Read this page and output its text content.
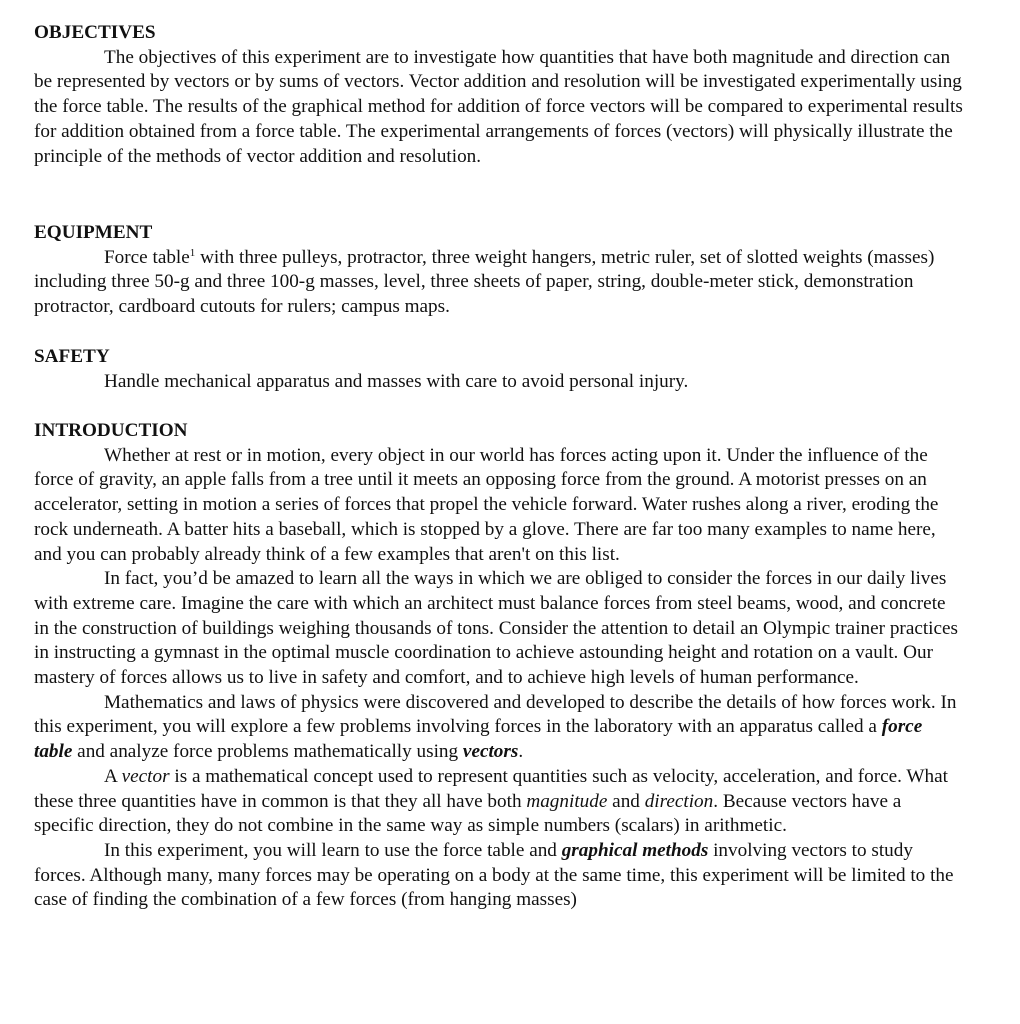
OBJECTIVES

The objectives of this experiment are to investigate how quantities that have both magnitude and direction can be represented by vectors or by sums of vectors. Vector addition and resolution will be investigated experimentally using the force table. The results of the graphical method for addition of force vectors will be compared to experimental results for addition obtained from a force table. The experimental arrangements of forces (vectors) will physically illustrate the principle of the methods of vector addition and resolution.

EQUIPMENT

Force table$^1$ with three pulleys, protractor, three weight hangers, metric ruler, set of slotted weights (masses) including three 50-g and three 100-g masses, level, three sheets of paper, string, double-meter stick, demonstration protractor, cardboard cutouts for rulers; campus maps.

SAFETY

Handle mechanical apparatus and masses with care to avoid personal injury.

INTRODUCTION

Whether at rest or in motion, every object in our world has forces acting upon it. Under the influence of the force of gravity, an apple falls from a tree until it meets an opposing force from the ground. A motorist presses on an accelerator, setting in motion a series of forces that propel the vehicle forward. Water rushes along a river, eroding the rock underneath. A batter hits a baseball, which is stopped by a glove. There are far too many examples to name here, and you can probably already think of a few examples that aren't on this list.

In fact, you’d be amazed to learn all the ways in which we are obliged to consider the forces in our daily lives with extreme care. Imagine the care with which an architect must balance forces from steel beams, wood, and concrete in the construction of buildings weighing thousands of tons. Consider the attention to detail an Olympic trainer practices in instructing a gymnast in the optimal muscle coordination to achieve astounding height and rotation on a vault. Our mastery of forces allows us to live in safety and comfort, and to achieve high levels of human performance.

Mathematics and laws of physics were discovered and developed to describe the details of how forces work. In this experiment, you will explore a few problems involving forces in the laboratory with an apparatus called a force table and analyze force problems mathematically using vectors.

A vector is a mathematical concept used to represent quantities such as velocity, acceleration, and force. What these three quantities have in common is that they all have both magnitude and direction. Because vectors have a specific direction, they do not combine in the same way as simple numbers (scalars) in arithmetic.

In this experiment, you will learn to use the force table and graphical methods involving vectors to study forces. Although many, many forces may be operating on a body at the same time, this experiment will be limited to the case of finding the combination of a few forces (from hanging masses)
